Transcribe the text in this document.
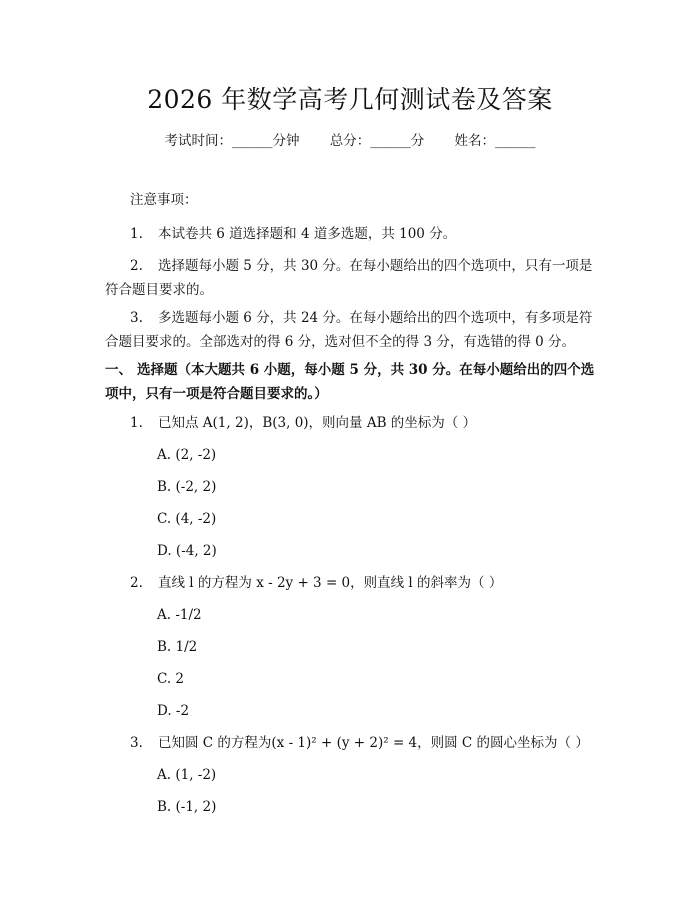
2026 年数学高考几何测试卷及答案
考试时间：______分钟 总分：______分 姓名：______
注意事项：
1. 本试卷共 6 道选择题和 4 道多选题，共 100 分。
2. 选择题每小题 5 分，共 30 分。在每小题给出的四个选项中，只有一项是符合题目要求的。
3. 多选题每小题 6 分，共 24 分。在每小题给出的四个选项中，有多项是符合题目要求的。全部选对的得 6 分，选对但不全的得 3 分，有选错的得 0 分。
一、 选择题（本大题共 6 小题，每小题 5 分，共 30 分。在每小题给出的四个选项中，只有一项是符合题目要求的。）
1. 已知点 A(1, 2)，B(3, 0)，则向量 AB 的坐标为（ ）
A. (2, -2)
B. (-2, 2)
C. (4, -2)
D. (-4, 2)
2. 直线 l 的方程为 x - 2y + 3 = 0，则直线 l 的斜率为（ ）
A. -1/2
B. 1/2
C. 2
D. -2
3. 已知圆 C 的方程为(x - 1)² + (y + 2)² = 4，则圆 C 的圆心坐标为（ ）
A. (1, -2)
B. (-1, 2)
